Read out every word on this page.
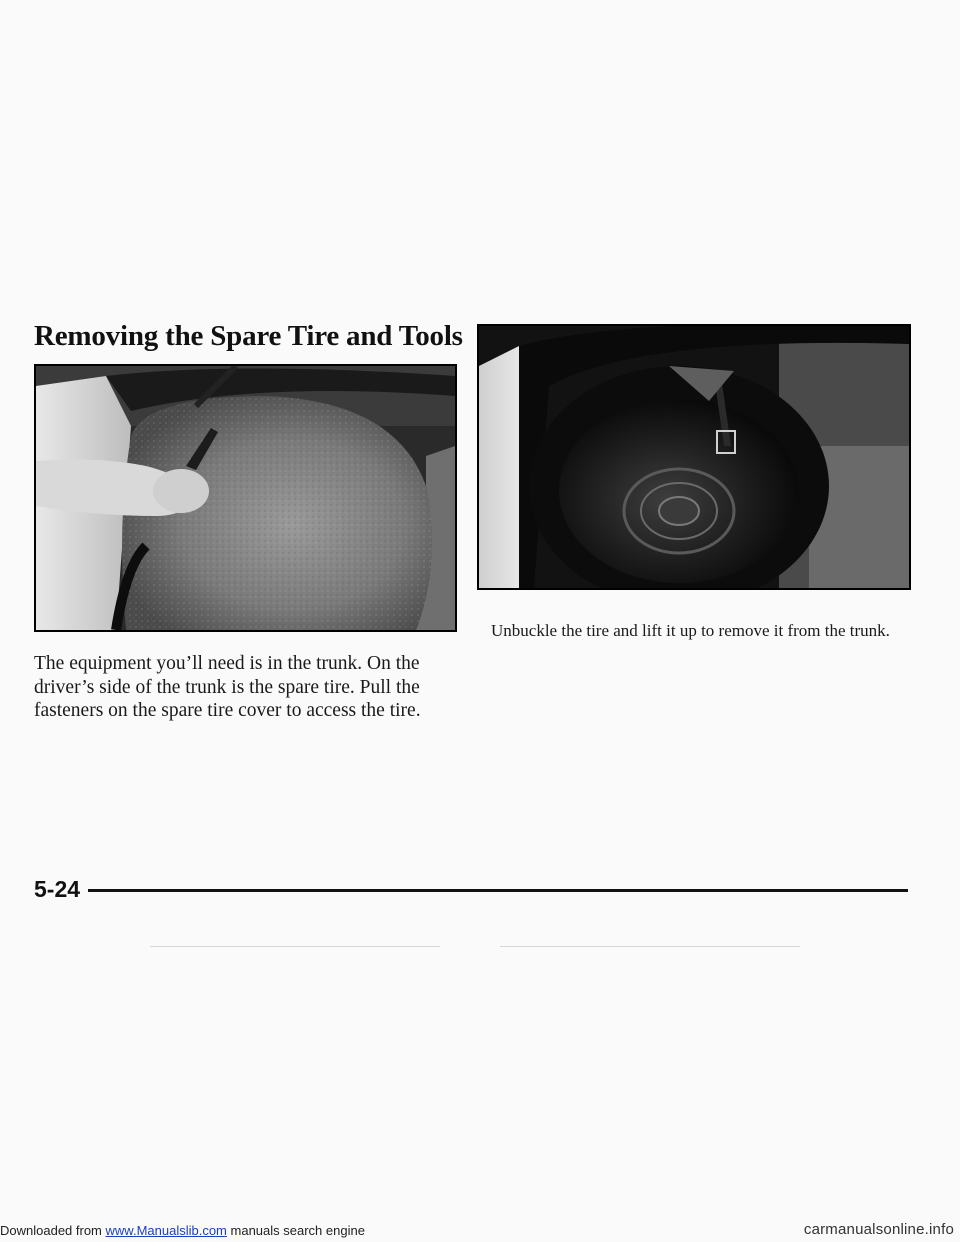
Removing the Spare Tire and Tools

The equipment you’ll need is in the trunk. On the driver’s side of the trunk is the spare tire. Pull the fasteners on the spare tire cover to access the tire.

Unbuckle the tire and lift it up to remove it from the trunk.

5-24
Downloaded from www.Manualslib.com manuals search engine	carmanualsonline.info
